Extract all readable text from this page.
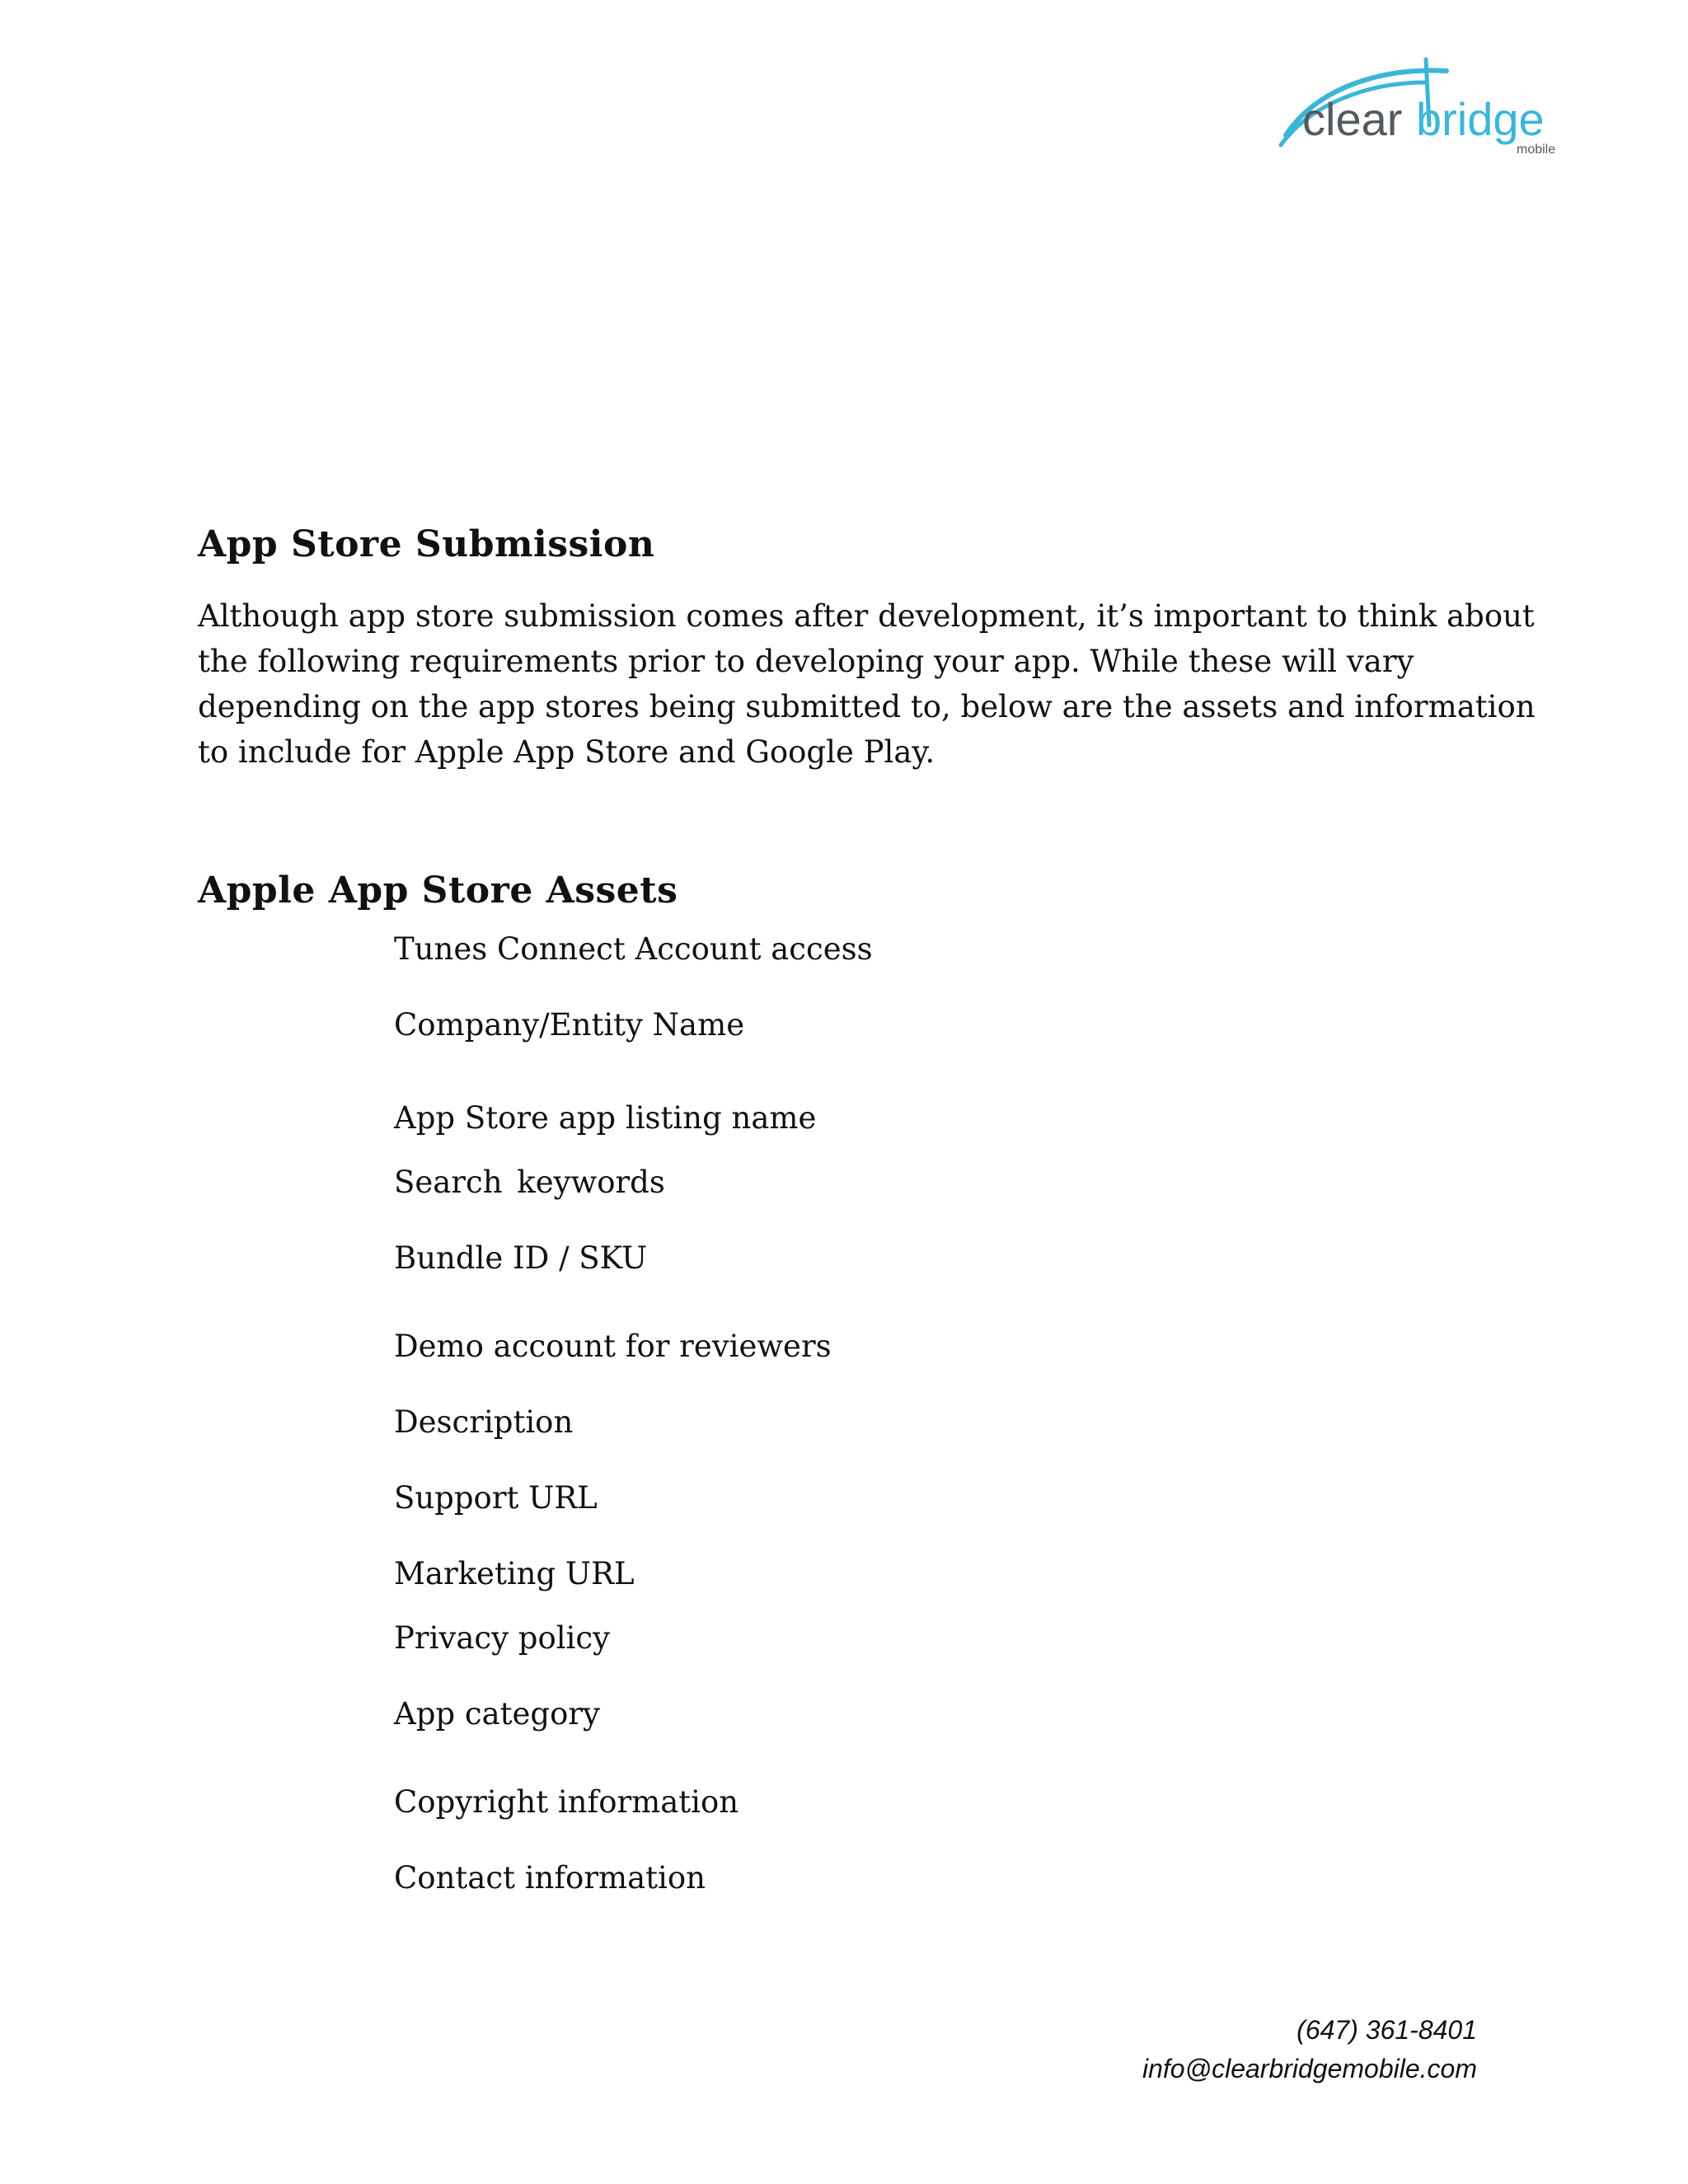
clear bridge
mobile
App Store Submission

Although app store submission comes after development, it’s important to think about
the following requirements prior to developing your app. While these will vary
depending on the app stores being submitted to, below are the assets and information
to include for Apple App Store and Google Play.

Apple App Store Assets

Tunes Connect Account access

Company/Entity Name

App Store app listing name

Search keywords

Bundle ID / SKU

Demo account for reviewers

Description

Support URL

Marketing URL

Privacy policy

App category

Copyright information

Contact information

(647) 361-8401
info@clearbridgemobile.com
